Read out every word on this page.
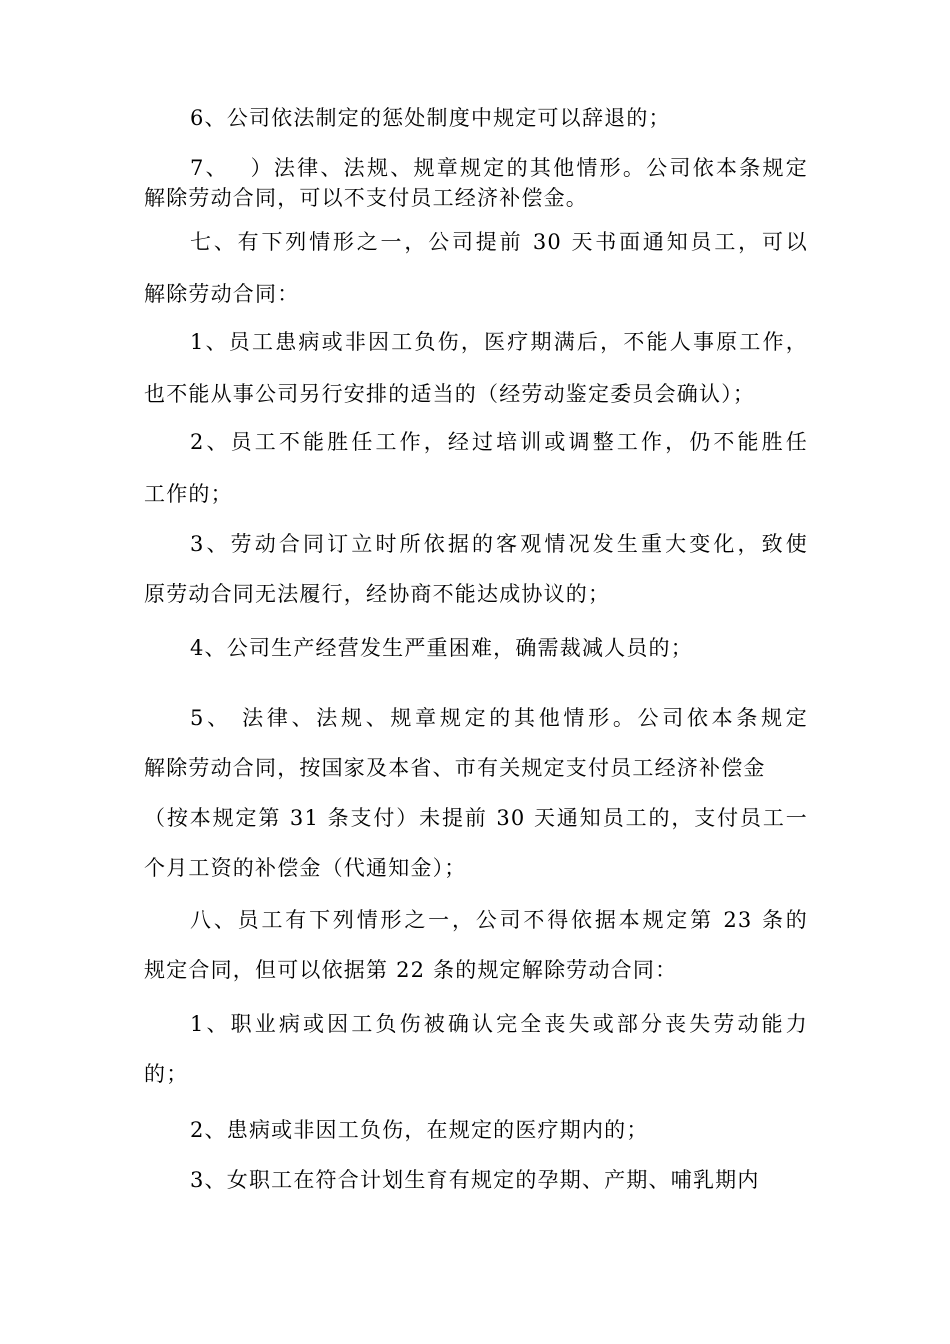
6、公司依法制定的惩处制度中规定可以辞退的；
7、　 ）法律、法规、规章规定的其他情形。公司依本条规定
解除劳动合同，可以不支付员工经济补偿金。
七、有下列情形之一，公司提前 30 天书面通知员工，可以
解除劳动合同：
1、员工患病或非因工负伤，医疗期满后，不能人事原工作，
也不能从事公司另行安排的适当的（经劳动鉴定委员会确认）；
2、员工不能胜任工作，经过培训或调整工作，仍不能胜任
工作的；
3、劳动合同订立时所依据的客观情况发生重大变化，致使
原劳动合同无法履行，经协商不能达成协议的；
4、公司生产经营发生严重困难，确需裁减人员的；
5、 法律、法规、规章规定的其他情形。公司依本条规定
解除劳动合同，按国家及本省、市有关规定支付员工经济补偿金
（按本规定第 31 条支付）未提前 30 天通知员工的，支付员工一
个月工资的补偿金（代通知金）；
八、员工有下列情形之一，公司不得依据本规定第 23 条的
规定合同，但可以依据第 22 条的规定解除劳动合同：
1、职业病或因工负伤被确认完全丧失或部分丧失劳动能力
的；
2、患病或非因工负伤，在规定的医疗期内的；
3、女职工在符合计划生育有规定的孕期、产期、哺乳期内
